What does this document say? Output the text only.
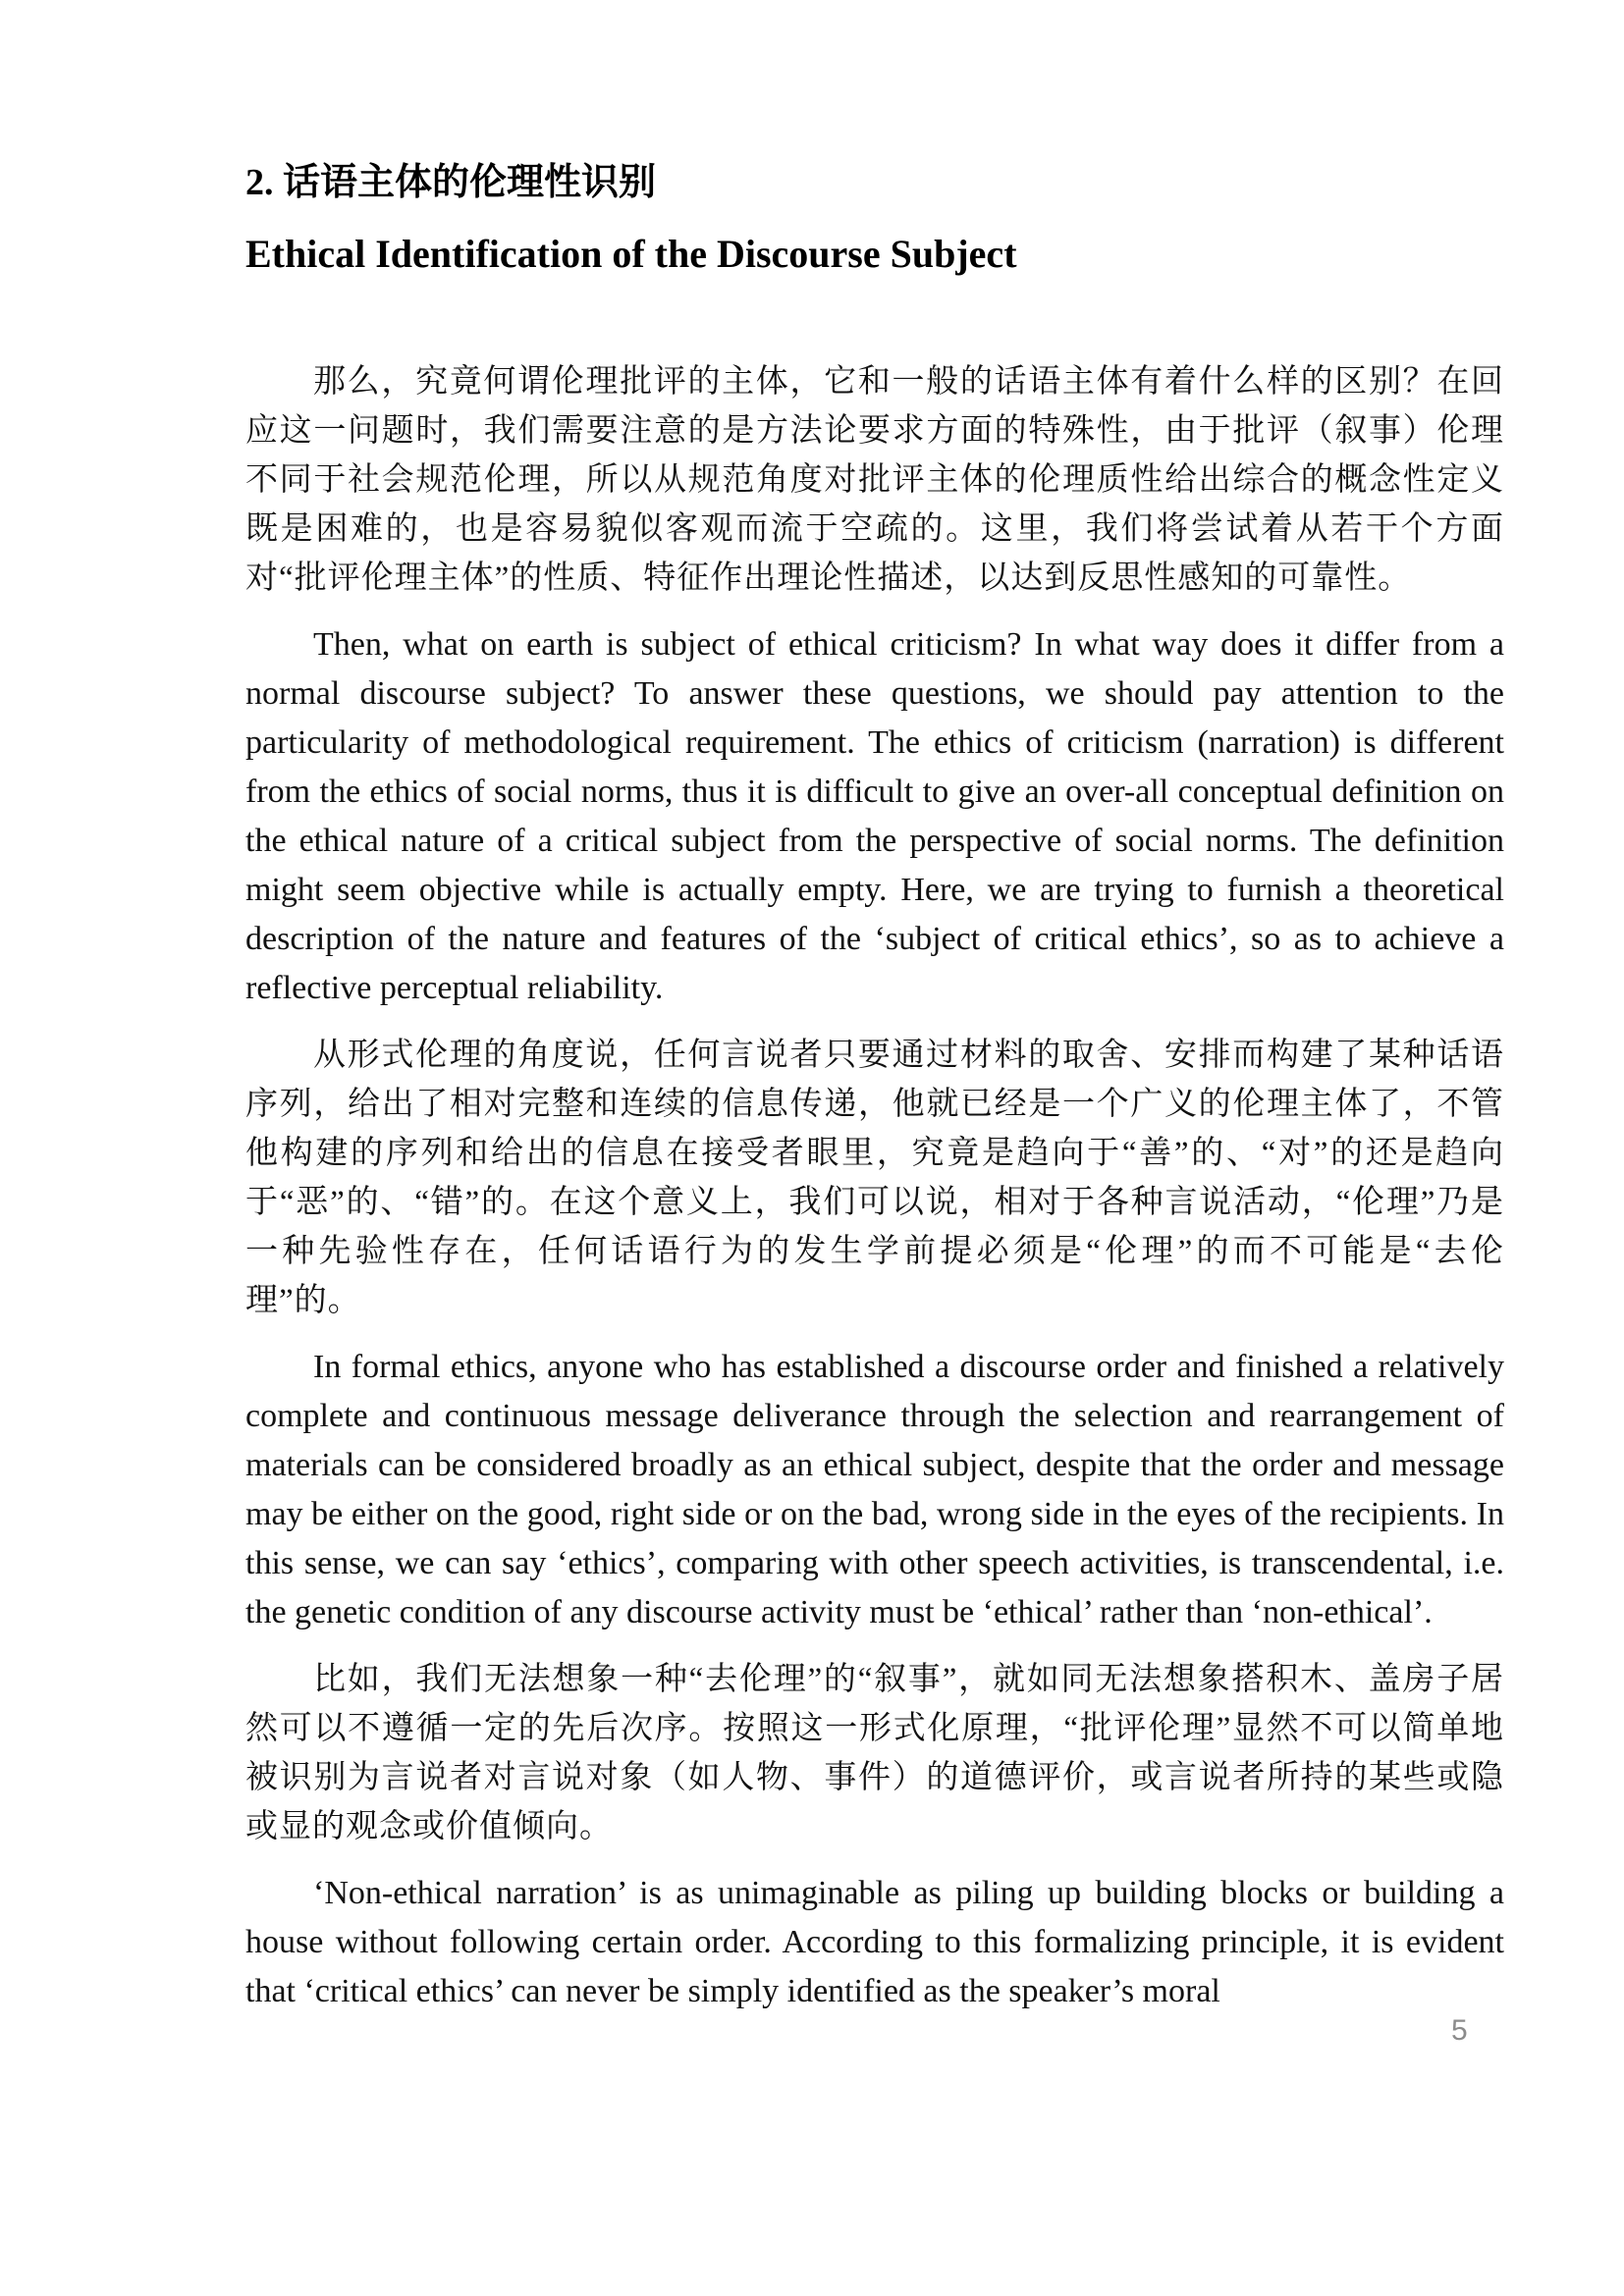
2. 话语主体的伦理性识别
Ethical Identification of the Discourse Subject

那么，究竟何谓伦理批评的主体，它和一般的话语主体有着什么样的区别？在回应这一问题时，我们需要注意的是方法论要求方面的特殊性，由于批评（叙事）伦理不同于社会规范伦理，所以从规范角度对批评主体的伦理质性给出综合的概念性定义既是困难的，也是容易貌似客观而流于空疏的。这里，我们将尝试着从若干个方面对“批评伦理主体”的性质、特征作出理论性描述，以达到反思性感知的可靠性。

Then, what on earth is subject of ethical criticism? In what way does it differ from a normal discourse subject? To answer these questions, we should pay attention to the particularity of methodological requirement. The ethics of criticism (narration) is different from the ethics of social norms, thus it is difficult to give an over-all conceptual definition on the ethical nature of a critical subject from the perspective of social norms. The definition might seem objective while is actually empty. Here, we are trying to furnish a theoretical description of the nature and features of the ‘subject of critical ethics’, so as to achieve a reflective perceptual reliability.

从形式伦理的角度说，任何言说者只要通过材料的取舍、安排而构建了某种话语序列，给出了相对完整和连续的信息传递，他就已经是一个广义的伦理主体了，不管他构建的序列和给出的信息在接受者眼里，究竟是趋向于“善”的、“对”的还是趋向于“恶”的、“错”的。在这个意义上，我们可以说，相对于各种言说活动，“伦理”乃是一种先验性存在，任何话语行为的发生学前提必须是“伦理”的而不可能是“去伦理”的。

In formal ethics, anyone who has established a discourse order and finished a relatively complete and continuous message deliverance through the selection and rearrangement of materials can be considered broadly as an ethical subject, despite that the order and message may be either on the good, right side or on the bad, wrong side in the eyes of the recipients. In this sense, we can say ‘ethics’, comparing with other speech activities, is transcendental, i.e. the genetic condition of any discourse activity must be ‘ethical’ rather than ‘non-ethical’.

比如，我们无法想象一种“去伦理”的“叙事”，就如同无法想象搭积木、盖房子居然可以不遵循一定的先后次序。按照这一形式化原理，“批评伦理”显然不可以简单地被识别为言说者对言说对象（如人物、事件）的道德评价，或言说者所持的某些或隐或显的观念或价值倾向。

‘Non-ethical narration’ is as unimaginable as piling up building blocks or building a house without following certain order. According to this formalizing principle, it is evident that ‘critical ethics’ can never be simply identified as the speaker’s moral

5
